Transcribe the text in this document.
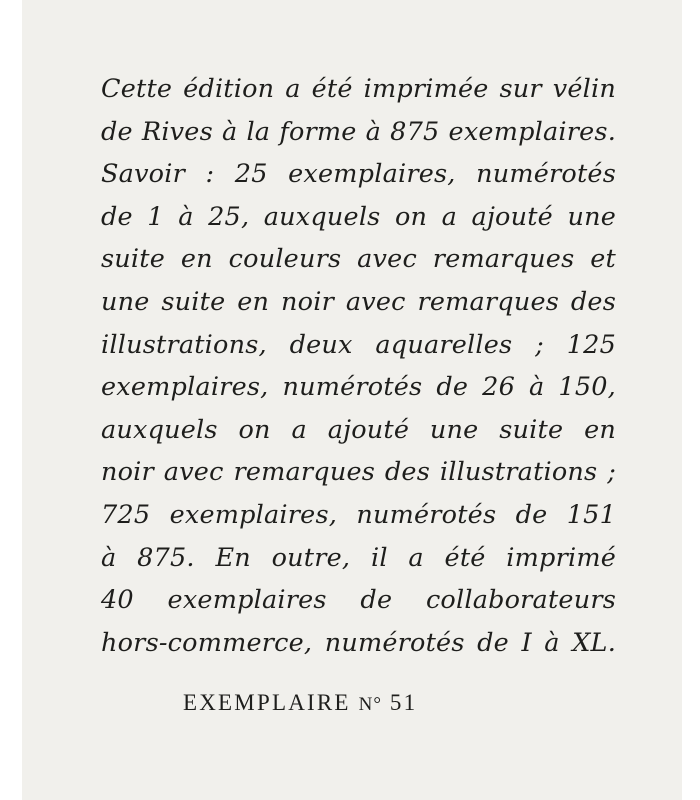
Cette édition a été imprimée sur vélin
de Rives à la forme à 875 exemplaires.
Savoir : 25 exemplaires, numérotés
de 1 à 25, auxquels on a ajouté une
suite en couleurs avec remarques et
une suite en noir avec remarques des
illustrations, deux aquarelles ; 125
exemplaires, numérotés de 26 à 150,
auxquels on a ajouté une suite en
noir avec remarques des illustrations ;
725 exemplaires, numérotés de 151
à 875. En outre, il a été imprimé
40 exemplaires de collaborateurs
hors-commerce, numérotés de I à XL.
EXEMPLAIRE N° 51
